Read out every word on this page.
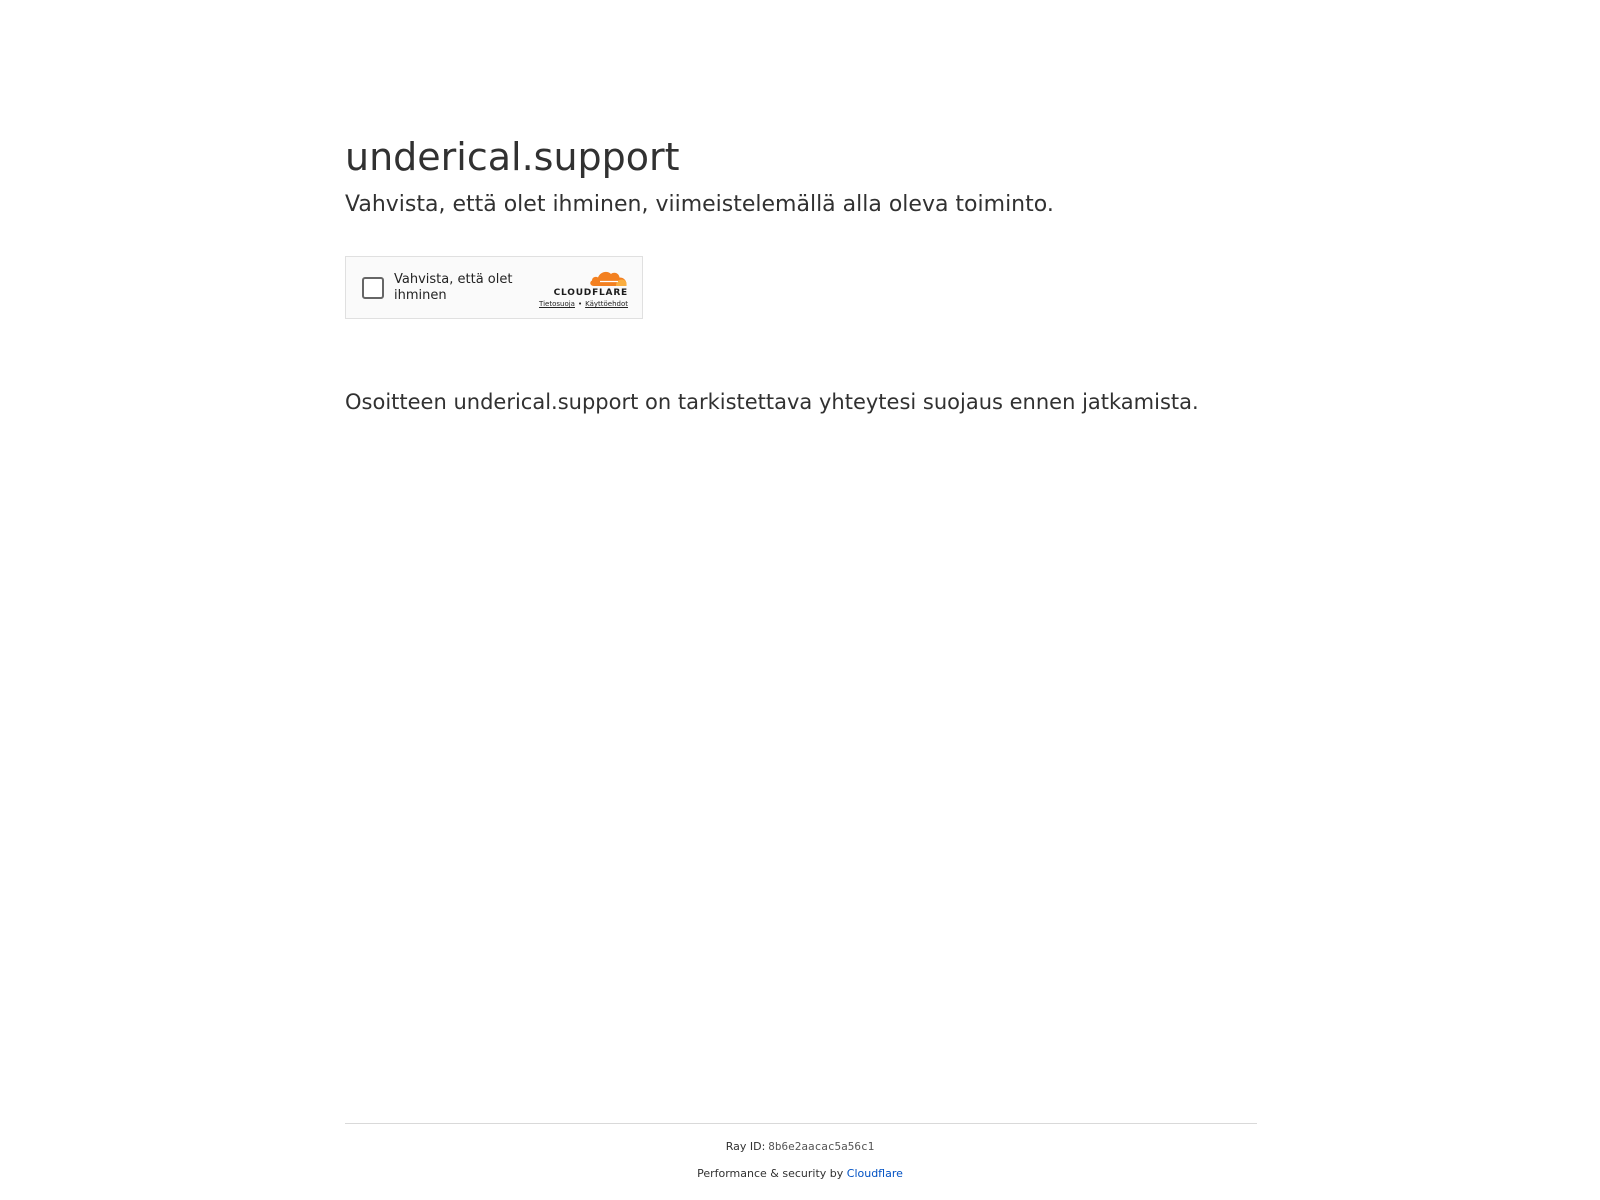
underical.support
Vahvista, että olet ihminen, viimeistelemällä alla oleva toiminto.
Vahvista, että olet ihminen	CLOUDFLARE
Tietosuoja • Käyttöehdot

Osoitteen underical.support on tarkistettava yhteytesi suojaus ennen jatkamista.

Ray ID: 8b6e2aacac5a56c1
Performance & security by Cloudflare
